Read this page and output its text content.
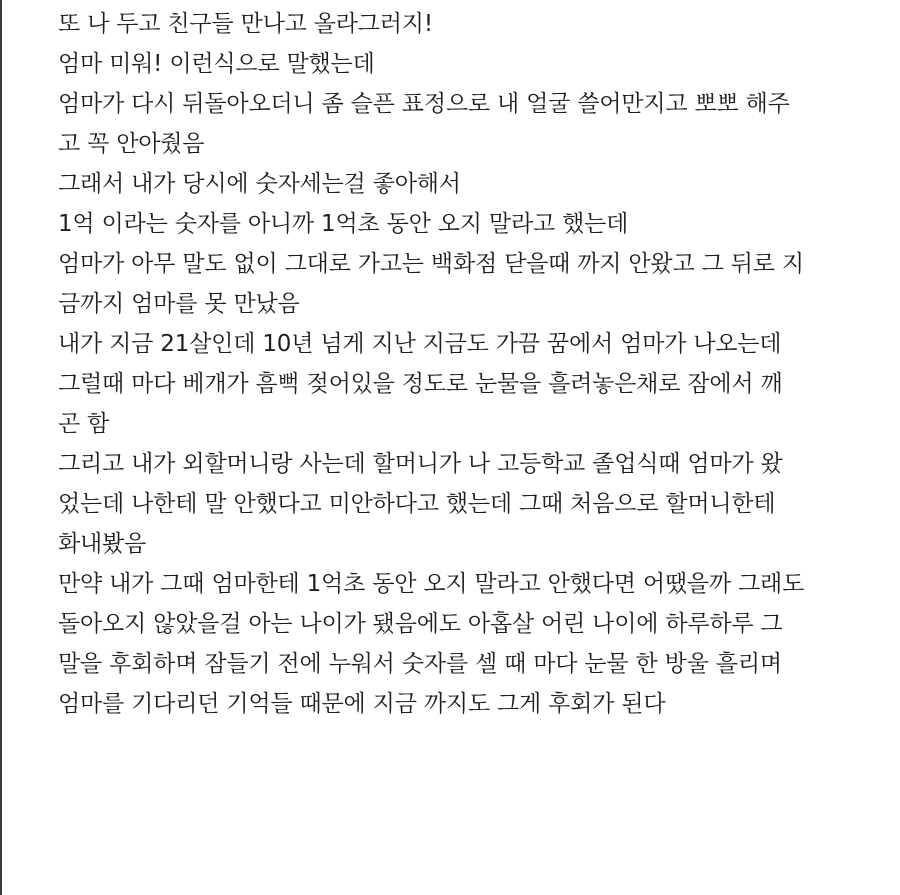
또 나 두고 친구들 만나고 올라그러지!
엄마 미워! 이런식으로 말했는데
엄마가 다시 뒤돌아오더니 좀 슬픈 표정으로 내 얼굴 쓸어만지고 뽀뽀 해주
고 꼭 안아줬음
그래서 내가 당시에 숫자세는걸 좋아해서
1억 이라는 숫자를 아니까 1억초 동안 오지 말라고 했는데
엄마가 아무 말도 없이 그대로 가고는 백화점 닫을때 까지 안왔고 그 뒤로 지
금까지 엄마를 못 만났음
내가 지금 21살인데 10년 넘게 지난 지금도 가끔 꿈에서 엄마가 나오는데
그럴때 마다 베개가 흠뻑 젖어있을 정도로 눈물을 흘려놓은채로 잠에서 깨
곤 함
그리고 내가 외할머니랑 사는데 할머니가 나 고등학교 졸업식때 엄마가 왔
었는데 나한테 말 안했다고 미안하다고 했는데 그때 처음으로 할머니한테
화내봤음
만약 내가 그때 엄마한테 1억초 동안 오지 말라고 안했다면 어땠을까 그래도
돌아오지 않았을걸 아는 나이가 됐음에도 아홉살 어린 나이에 하루하루 그
말을 후회하며 잠들기 전에 누워서 숫자를 셀 때 마다 눈물 한 방울 흘리며
엄마를 기다리던 기억들 때문에 지금 까지도 그게 후회가 된다
